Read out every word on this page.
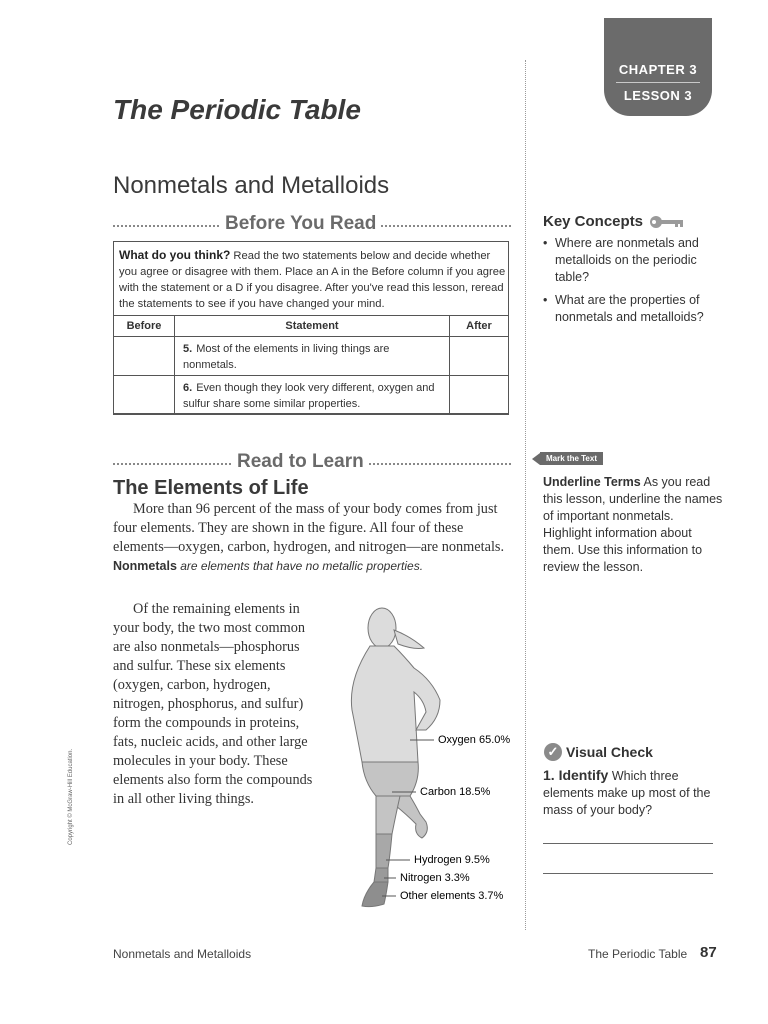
CHAPTER 3
LESSON 3
The Periodic Table
Nonmetals and Metalloids
Before You Read
What do you think? Read the two statements below and decide whether you agree or disagree with them. Place an A in the Before column if you agree with the statement or a D if you disagree. After you've read this lesson, reread the statements to see if you have changed your mind.
Before	Statement	After
	5. Most of the elements in living things are nonmetals.	
	6. Even though they look very different, oxygen and sulfur share some similar properties.	
Key Concepts
• Where are nonmetals and metalloids on the periodic table?
• What are the properties of nonmetals and metalloids?
Read to Learn
The Elements of Life
More than 96 percent of the mass of your body comes from just four elements. They are shown in the figure. All four of these elements—oxygen, carbon, hydrogen, and nitrogen—are nonmetals. Nonmetals are elements that have no metallic properties.
Of the remaining elements in your body, the two most common are also nonmetals—phosphorus and sulfur. These six elements (oxygen, carbon, hydrogen, nitrogen, phosphorus, and sulfur) form the compounds in proteins, fats, nucleic acids, and other large molecules in your body. These elements also form the compounds in all other living things.
Mark the Text
Underline Terms As you read this lesson, underline the names of important nonmetals. Highlight information about them. Use this information to review the lesson.
Oxygen 65.0%
Carbon 18.5%
Hydrogen 9.5%
Nitrogen 3.3%
Other elements 3.7%
✓ Visual Check
1. Identify Which three elements make up most of the mass of your body?
Copyright © McGraw-Hill Education.
Nonmetals and Metalloids	The Periodic Table 87
